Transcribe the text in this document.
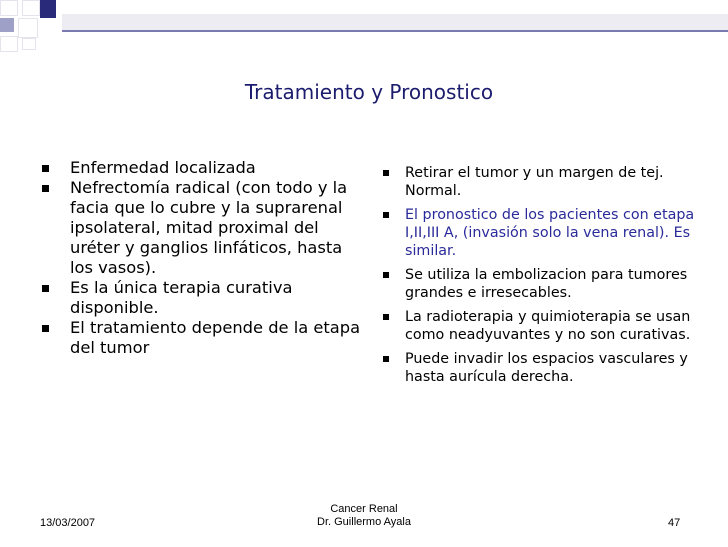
Tratamiento y Pronostico
Enfermedad localizada
Nefrectomía radical (con todo y la facia que lo cubre y la suprarenal ipsolateral, mitad proximal del uréter y ganglios linfáticos, hasta los vasos).
Es la única terapia curativa disponible.
El tratamiento depende de la etapa del tumor
Retirar el tumor y un margen de tej. Normal.
El pronostico de los pacientes con etapa I,II,III A, (invasión solo la vena renal). Es similar.
Se utiliza la embolizacion para tumores grandes e irresecables.
La radioterapia y quimioterapia se usan como neadyuvantes y no son curativas.
Puede invadir los espacios vasculares y hasta aurícula derecha.
13/03/2007
Cancer Renal
Dr. Guillermo Ayala	47
